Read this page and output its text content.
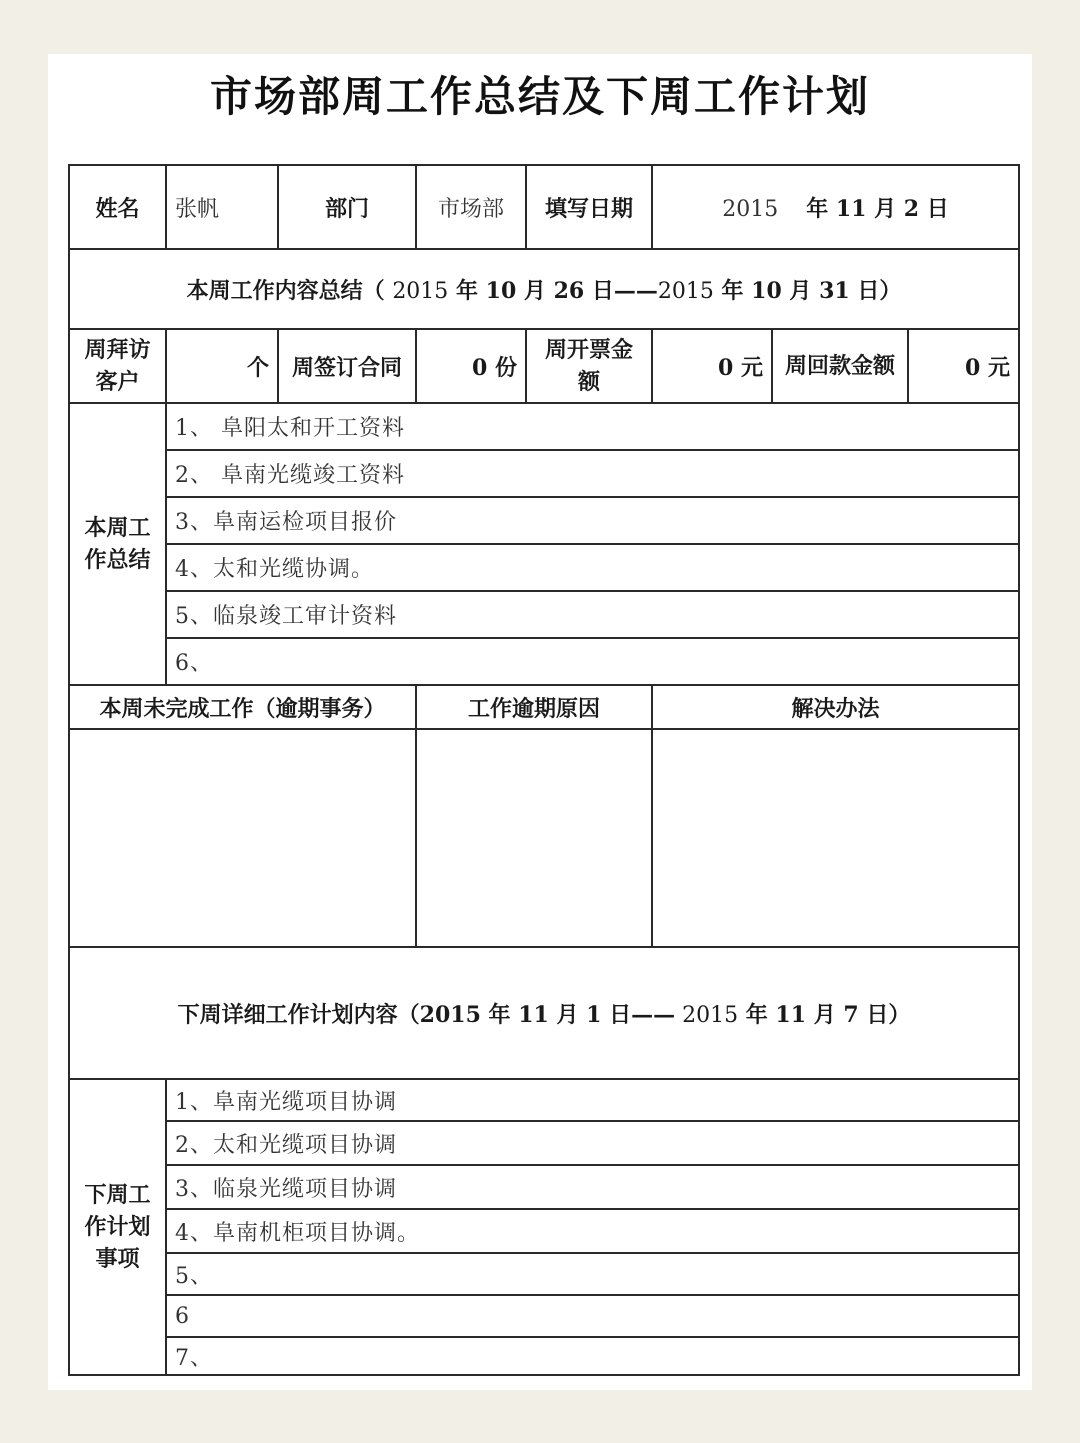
市场部周工作总结及下周工作计划
姓名	张帆	部门	市场部	填写日期	2015 年 11 月 2 日		
本周工作内容总结（ 2015 年 10 月 26 日——2015 年 10 月 31 日）							
周拜访客户	个	周签订合同	0 份	周开票金额	0 元	周回款金额	0 元
本周工作总结	1、 阜阳太和开工资料						
	2、 阜南光缆竣工资料						
	3、阜南运检项目报价						
	4、太和光缆协调。						
	5、临泉竣工审计资料						
	6、						
本周未完成工作（逾期事务）			工作逾期原因		解决办法		

下周详细工作计划内容（2015 年 11 月 1 日—— 2015 年 11 月 7 日）							
下周工作计划事项	1、阜南光缆项目协调						
	2、太和光缆项目协调						
	3、临泉光缆项目协调						
	4、阜南机柜项目协调。						
	5、						
	6						
	7、						
